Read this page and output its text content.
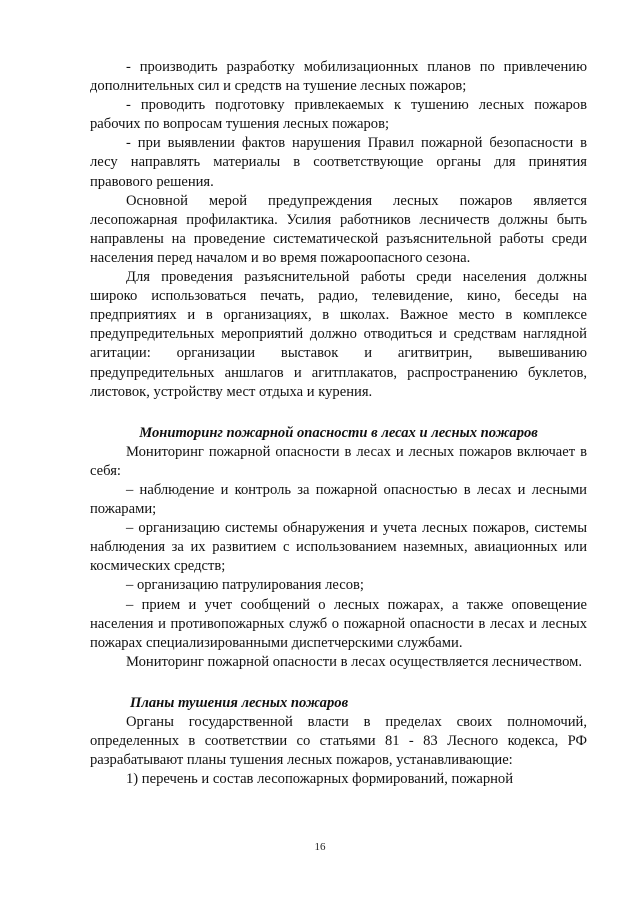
- производить разработку мобилизационных планов по привлечению дополнительных сил и средств на тушение лесных пожаров;

- проводить подготовку привлекаемых к тушению лесных пожаров рабочих по вопросам тушения лесных пожаров;

- при выявлении фактов нарушения Правил пожарной безопасности в лесу направлять материалы в соответствующие органы для принятия правового решения.

Основной мерой предупреждения лесных пожаров является лесопожарная профилактика. Усилия работников лесничеств должны быть направлены на проведение систематической разъяснительной работы среди населения перед началом и во время пожароопасного сезона.

Для проведения разъяснительной работы среди населения должны широко использоваться печать, радио, телевидение, кино, беседы на предприятиях и в организациях, в школах. Важное место в комплексе предупредительных мероприятий должно отводиться и средствам наглядной агитации: организации выставок и агитвитрин, вывешиванию предупредительных аншлагов и агитплакатов, распространению буклетов, листовок, устройству мест отдыха и курения.

Мониторинг пожарной опасности в лесах и лесных пожаров

Мониторинг пожарной опасности в лесах и лесных пожаров включает в себя:

– наблюдение и контроль за пожарной опасностью в лесах и лесными пожарами;

– организацию системы обнаружения и учета лесных пожаров, системы наблюдения за их развитием с использованием наземных, авиационных или космических средств;

– организацию патрулирования лесов;

– прием и учет сообщений о лесных пожарах, а также оповещение населения и противопожарных служб о пожарной опасности в лесах и лесных пожарах специализированными диспетчерскими службами.

Мониторинг пожарной опасности в лесах осуществляется лесничеством.

Планы тушения лесных пожаров

Органы государственной власти в пределах своих полномочий, определенных в соответствии со статьями 81 - 83 Лесного кодекса, РФ разрабатывают планы тушения лесных пожаров, устанавливающие:

1) перечень и состав лесопожарных формирований, пожарной

16
